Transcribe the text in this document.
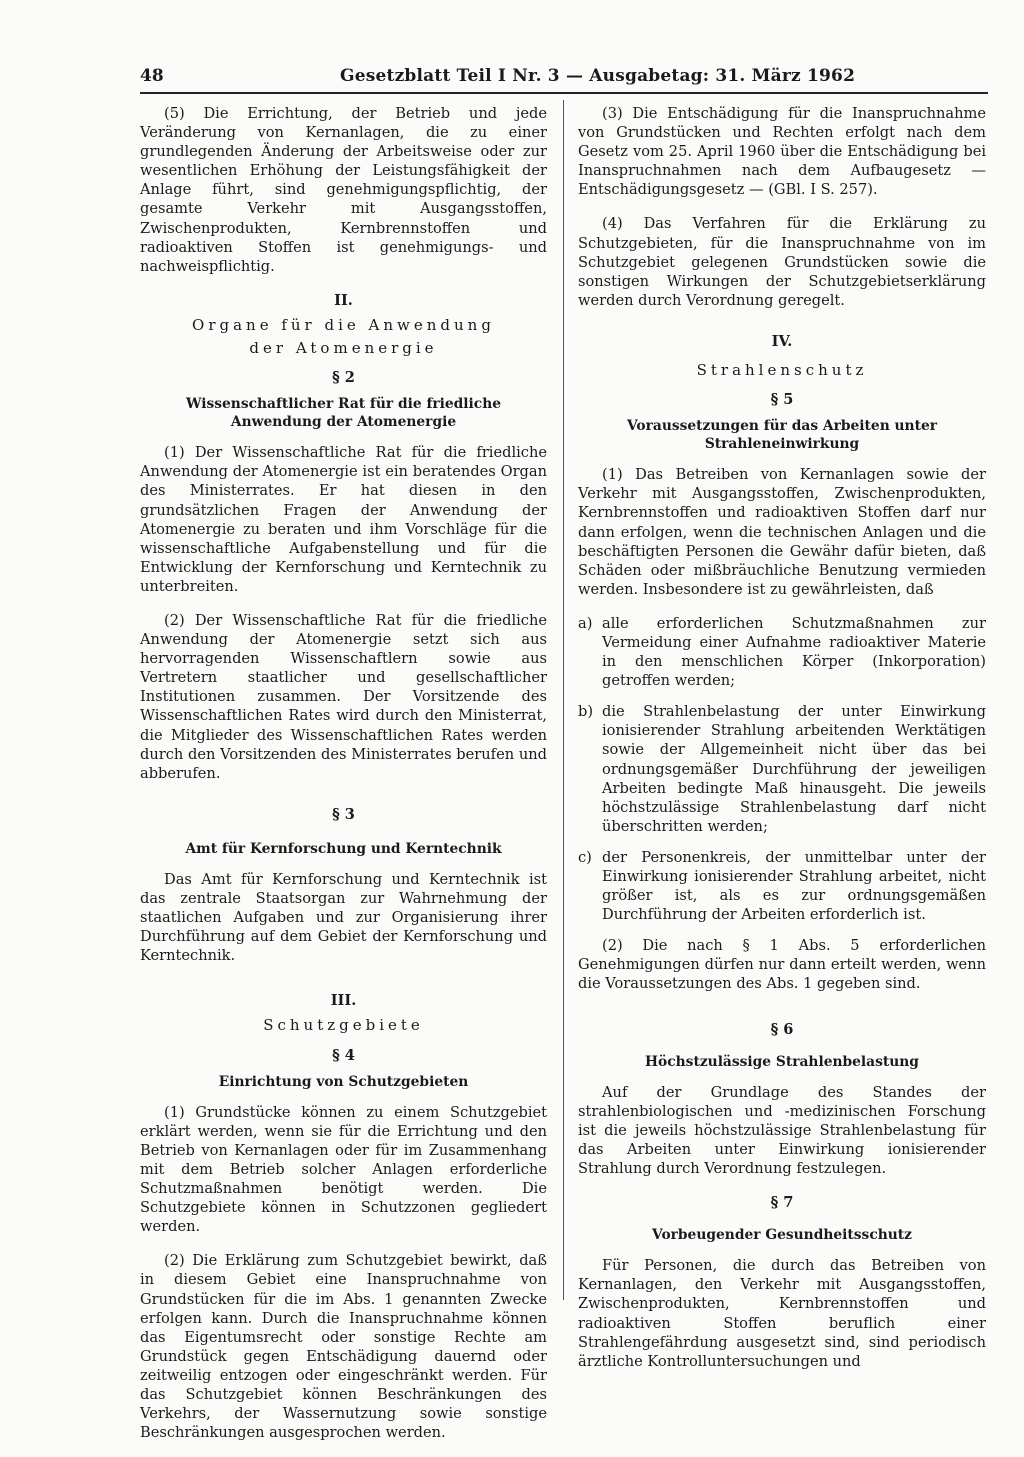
48	Gesetzblatt Teil I Nr. 3 — Ausgabetag: 31. März 1962

(5) Die Errichtung, der Betrieb und jede Veränderung von Kernanlagen, die zu einer grundlegenden Änderung der Arbeitsweise oder zur wesentlichen Erhöhung der Leistungsfähigkeit der Anlage führt, sind genehmigungspflichtig, der gesamte Verkehr mit Ausgangsstoffen, Zwischenprodukten, Kernbrennstoffen und radioaktiven Stoffen ist genehmigungs- und nachweispflichtig.

II.
Organe für die Anwendung
der Atomenergie
§ 2
Wissenschaftlicher Rat für die friedliche Anwendung der Atomenergie

(1) Der Wissenschaftliche Rat für die friedliche Anwendung der Atomenergie ist ein beratendes Organ des Ministerrates. Er hat diesen in den grundsätzlichen Fragen der Anwendung der Atomenergie zu beraten und ihm Vorschläge für die wissenschaftliche Aufgabenstellung und für die Entwicklung der Kernforschung und Kerntechnik zu unterbreiten.

(2) Der Wissenschaftliche Rat für die friedliche Anwendung der Atomenergie setzt sich aus hervorragenden Wissenschaftlern sowie aus Vertretern staatlicher und gesellschaftlicher Institutionen zusammen. Der Vorsitzende des Wissenschaftlichen Rates wird durch den Ministerrat, die Mitglieder des Wissenschaftlichen Rates werden durch den Vorsitzenden des Ministerrates berufen und abberufen.

§ 3
Amt für Kernforschung und Kerntechnik

Das Amt für Kernforschung und Kerntechnik ist das zentrale Staatsorgan zur Wahrnehmung der staatlichen Aufgaben und zur Organisierung ihrer Durchführung auf dem Gebiet der Kernforschung und Kerntechnik.

III.
Schutzgebiete
§ 4
Einrichtung von Schutzgebieten

(1) Grundstücke können zu einem Schutzgebiet erklärt werden, wenn sie für die Errichtung und den Betrieb von Kernanlagen oder für im Zusammenhang mit dem Betrieb solcher Anlagen erforderliche Schutzmaßnahmen benötigt werden. Die Schutzgebiete können in Schutzzonen gegliedert werden.

(2) Die Erklärung zum Schutzgebiet bewirkt, daß in diesem Gebiet eine Inanspruchnahme von Grundstücken für die im Abs. 1 genannten Zwecke erfolgen kann. Durch die Inanspruchnahme können das Eigentumsrecht oder sonstige Rechte am Grundstück gegen Entschädigung dauernd oder zeitweilig entzogen oder eingeschränkt werden. Für das Schutzgebiet können Beschränkungen des Verkehrs, der Wassernutzung sowie sonstige Beschränkungen ausgesprochen werden.

(3) Die Entschädigung für die Inanspruchnahme von Grundstücken und Rechten erfolgt nach dem Gesetz vom 25. April 1960 über die Entschädigung bei Inanspruchnahmen nach dem Aufbaugesetz — Entschädigungsgesetz — (GBl. I S. 257).

(4) Das Verfahren für die Erklärung zu Schutzgebieten, für die Inanspruchnahme von im Schutzgebiet gelegenen Grundstücken sowie die sonstigen Wirkungen der Schutzgebietserklärung werden durch Verordnung geregelt.

IV.
Strahlenschutz
§ 5
Voraussetzungen für das Arbeiten unter Strahleneinwirkung

(1) Das Betreiben von Kernanlagen sowie der Verkehr mit Ausgangsstoffen, Zwischenprodukten, Kernbrennstoffen und radioaktiven Stoffen darf nur dann erfolgen, wenn die technischen Anlagen und die beschäftigten Personen die Gewähr dafür bieten, daß Schäden oder mißbräuchliche Benutzung vermieden werden. Insbesondere ist zu gewährleisten, daß

a) alle erforderlichen Schutzmaßnahmen zur Vermeidung einer Aufnahme radioaktiver Materie in den menschlichen Körper (Inkorporation) getroffen werden;
b) die Strahlenbelastung der unter Einwirkung ionisierender Strahlung arbeitenden Werktätigen sowie der Allgemeinheit nicht über das bei ordnungsgemäßer Durchführung der jeweiligen Arbeiten bedingte Maß hinausgeht. Die jeweils höchstzulässige Strahlenbelastung darf nicht überschritten werden;
c) der Personenkreis, der unmittelbar unter der Einwirkung ionisierender Strahlung arbeitet, nicht größer ist, als es zur ordnungsgemäßen Durchführung der Arbeiten erforderlich ist.

(2) Die nach § 1 Abs. 5 erforderlichen Genehmigungen dürfen nur dann erteilt werden, wenn die Voraussetzungen des Abs. 1 gegeben sind.

§ 6
Höchstzulässige Strahlenbelastung

Auf der Grundlage des Standes der strahlenbiologischen und -medizinischen Forschung ist die jeweils höchstzulässige Strahlenbelastung für das Arbeiten unter Einwirkung ionisierender Strahlung durch Verordnung festzulegen.

§ 7
Vorbeugender Gesundheitsschutz

Für Personen, die durch das Betreiben von Kernanlagen, den Verkehr mit Ausgangsstoffen, Zwischenprodukten, Kernbrennstoffen und radioaktiven Stoffen beruflich einer Strahlengefährdung ausgesetzt sind, sind periodisch ärztliche Kontrolluntersuchungen und
